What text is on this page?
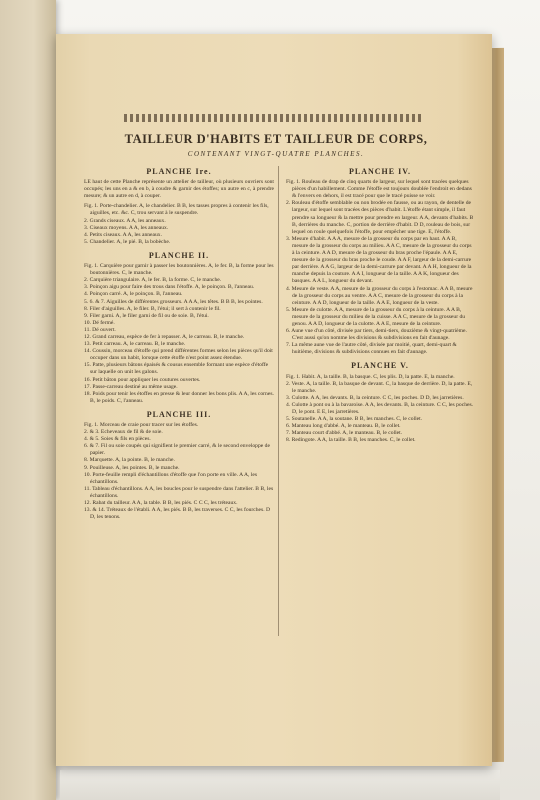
TAILLEUR D'HABITS ET TAILLEUR DE CORPS,
CONTENANT VINGT-QUATRE PLANCHES.
PLANCHE Ire.

LE haut de cette Planche représente un attelier de tailleur, où plusieurs ouvriers sont occupés; les uns en a & en b, à coudre & garnir des étoffes; un autre en c, à prendre mesure; & un autre en d, à couper.

Fig. 1. Porte-chandelier. A, le chandelier. B B, les tasses propres à contenir les fils, aiguilles, etc. &c. C, trou servant à le suspendre.

2. Grands ciseaux. A A, les anneaux.

3. Ciseaux moyens. A A, les anneaux.

4. Petits ciseaux. A A, les anneaux.

5. Chandelier. A, le pié. B, la bobèche.

PLANCHE II.

Fig. 1. Carquière pour garnir à passer les boutonnières. A, le fer. B, la forme pour les boutonnières. C, le manche.

2. Carquière triangulaire. A, le fer. B, la forme. C, le manche.

3. Poinçon aigu pour faire des trous dans l'étoffe. A, le poinçon. B, l'anneau.

4. Poinçon carré. A, le poinçon. B, l'anneau.

5. 6. & 7. Aiguilles de différentes grosseurs. A A A, les têtes. B B B, les pointes.

8. Filer d'aiguilles. A, le filer. B, l'étui; il sert à contenir le fil.

9. Filer garni. A, le filer garni de fil ou de soie. B, l'étui.

10. Dé fermé.

11. Dé ouvert.

12. Grand carreau, espèce de fer à repasser. A, le carreau. B, le manche.

13. Petit carreau. A, le carreau. B, le manche.

14. Coussin, morceau d'étoffe qui prend différentes formes selon les pièces qu'il doit occuper dans un habit, lorsque cette étoffe n'est point assez étendue.

15. Patte, plusieurs bâtons épaisés & cousus ensemble formant une espèce d'étoffe sur laquelle on unit les galons.

16. Petit bâton pour appliquer les coutures ouvertes.

17. Passe-carreau destiné au même usage.

18. Poids pour tenir les étoffes en presse & leur donner les bons plis. A A, les cornes. B, le poids. C, l'anneau.

PLANCHE III.

Fig. 1. Morceau de craie pour tracer sur les étoffes.

2. & 3. Echeveaux de fil & de soie.

4. & 5. Soies & fils en pièces.

6. & 7. Fil ou soie coupés qui signifient le premier carré, & le second enveloppe de papier.

8. Marquette. A, la pointe. B, le manche.

9. Pouilleuse. A, les pointes. B, le manche.

10. Porte-feuille rempli d'échantillons d'étoffe que l'on porte en ville. A A, les échantillons.

11. Tableau d'échantillons. A A, les boucles pour le suspendre dans l'attelier. B B, les échantillons.

12. Rabat du tailleur. A A, la table. B B, les piés. C C C, les tréteaux.

13. & 14. Tréteaux de l'établi. A A, les piés. B B, les traverses. C C, les fourches. D D, les tenons.

PLANCHE IV.

Fig. 1. Rouleau de drap de cinq quarts de largeur, sur lequel sont tracées quelques pièces d'un habillement. Comme l'étoffe est toujours doublée l'endroit en dedans & l'envers en dehors, il est tracé pour que le tracé puisse se voir.

2. Rouleau d'étoffe semblable ou non brodée en fausse, ou au rayon, de dentelle de largeur, sur lequel sont tracées des pièces d'habit. L'étoffe étant simple, il faut prendre sa longueur & la mettre pour prendre en largeur. A A, devants d'habits. B B, derrières du manche. C, portion de derrière d'habit. D D, rouleau de bois, sur lequel on roule quelquefois l'étoffe, pour empêcher une tige. E, l'étoffe.

3. Mesure d'habit. A A A, mesure de la grosseur du corps par en haut. A A B, mesure de la grosseur du corps au milieu. A A C, mesure de la grosseur du corps à la ceinture. A A D, mesure de la grosseur du bras proche l'épaule. A A E, mesure de la grosseur du bras proche le coude. A A F, largeur de la demi-carrure par derrière. A A G, largeur de la demi-carrure par devant. A A H, longueur de la manche depuis la couture. A A I, longueur de la taille. A A K, longueur des basques. A A L, longueur du devant.

4. Mesure de veste. A A, mesure de la grosseur du corps à l'estomac. A A B, mesure de la grosseur du corps au ventre. A A C, mesure de la grosseur du corps à la ceinture. A A D, longueur de la taille. A A E, longueur de la veste.

5. Mesure de culotte. A A, mesure de la grosseur du corps à la ceinture. A A B, mesure de la grosseur du milieu de la cuisse. A A C, mesure de la grosseur du genou. A A D, longueur de la culotte. A A E, mesure de la ceinture.

6. Aune vue d'un côté, divisée par tiers, demi-tiers, douzième & vingt-quatrième. C'est aussi qu'on nomme les divisions & subdivisions en fait d'aunage.

7. La même aune vue de l'autre côté, divisée par moitié, quart, demi-quart & huitième, divisions & subdivisions connues en fait d'aunage.

PLANCHE V.

Fig. 1. Habit. A, la taille. B, la basque. C, les plis. D, la patte. E, la manche.

2. Veste. A, la taille. B, la basque de devant. C, la basque de derrière. D, la patte. E, le manche.

3. Culotte. A A, les devants. B, la ceinture. C C, les poches. D D, les jarretières.

4. Culotte à pont ou à la bavaroise. A A, les devants. B, la ceinture. C C, les poches. D, le pont. E E, les jarretières.

5. Soutanelle. A A, la soutane. B B, les manches. C, le collet.

6. Manteau long d'abbé. A, le manteau. B, le collet.

7. Manteau court d'abbé. A, le manteau. B, le collet.

8. Redingote. A A, la taille. B B, les manches. C, le collet.
